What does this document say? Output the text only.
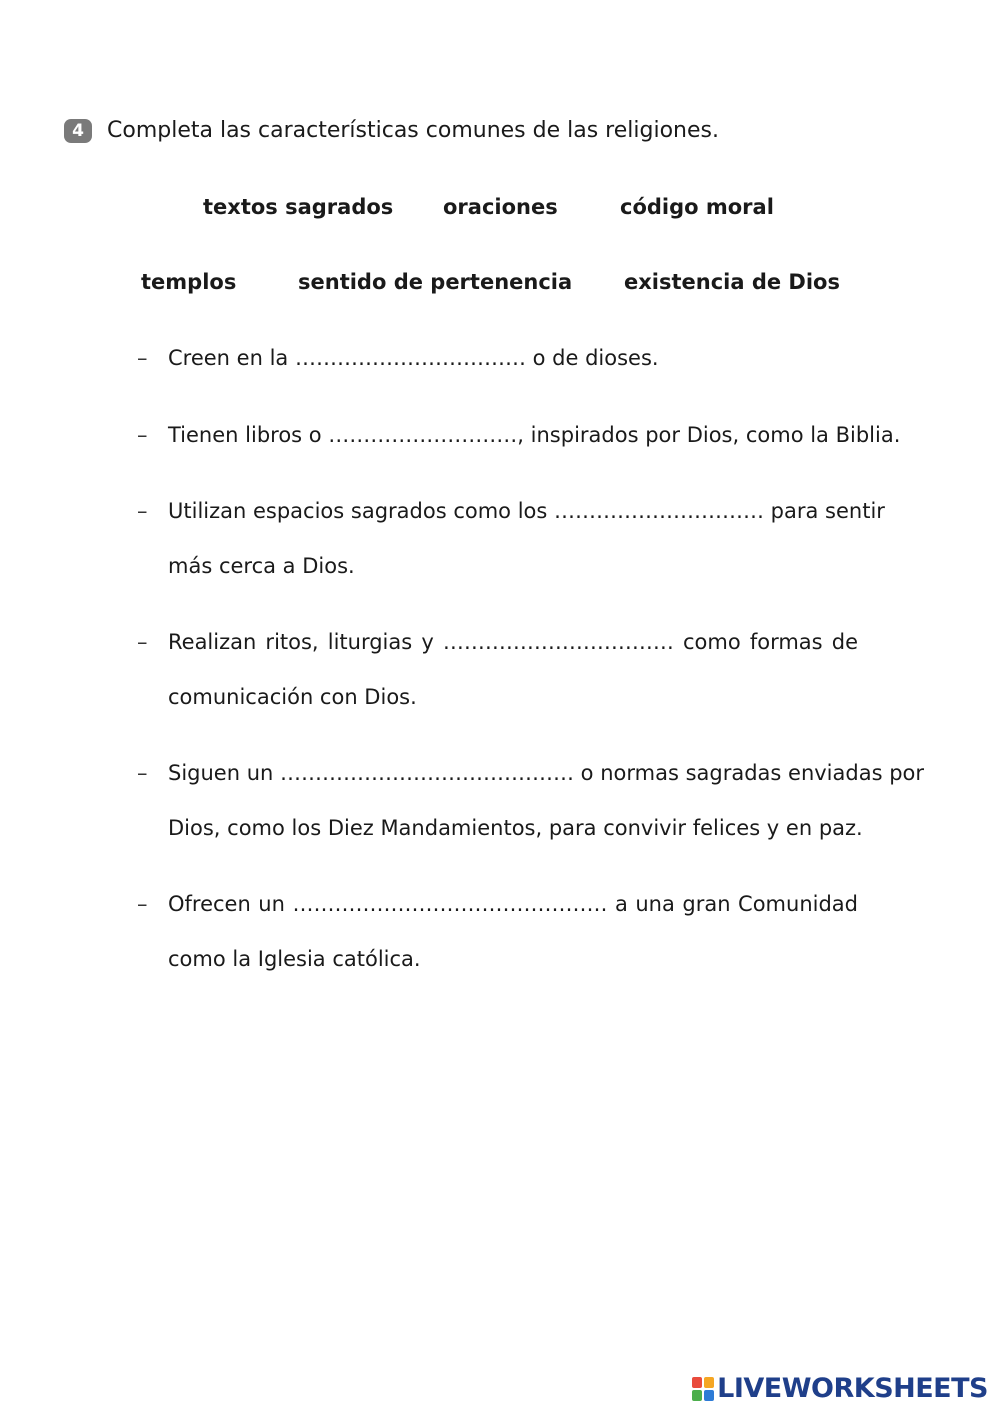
4	Completa las características comunes de las religiones.
textos sagrados oraciones	código moral
templos	sentido de pertenencia existencia de Dios
– Creen en la …………………………… o de dioses.
– Tienen libros o ………………………, inspirados por Dios, como la Biblia.
– Utilizan espacios sagrados como los ………………………… para sentir
más cerca a Dios.
– Realizan ritos, liturgias y …………………………… como formas de
comunicación con Dios.
– Siguen un …………………………………… o normas sagradas enviadas por
Dios, como los Diez Mandamientos, para convivir felices y en paz.
– Ofrecen un ……………………………………… a una gran Comunidad
como la Iglesia católica.
LIVEWORKSHEETS
